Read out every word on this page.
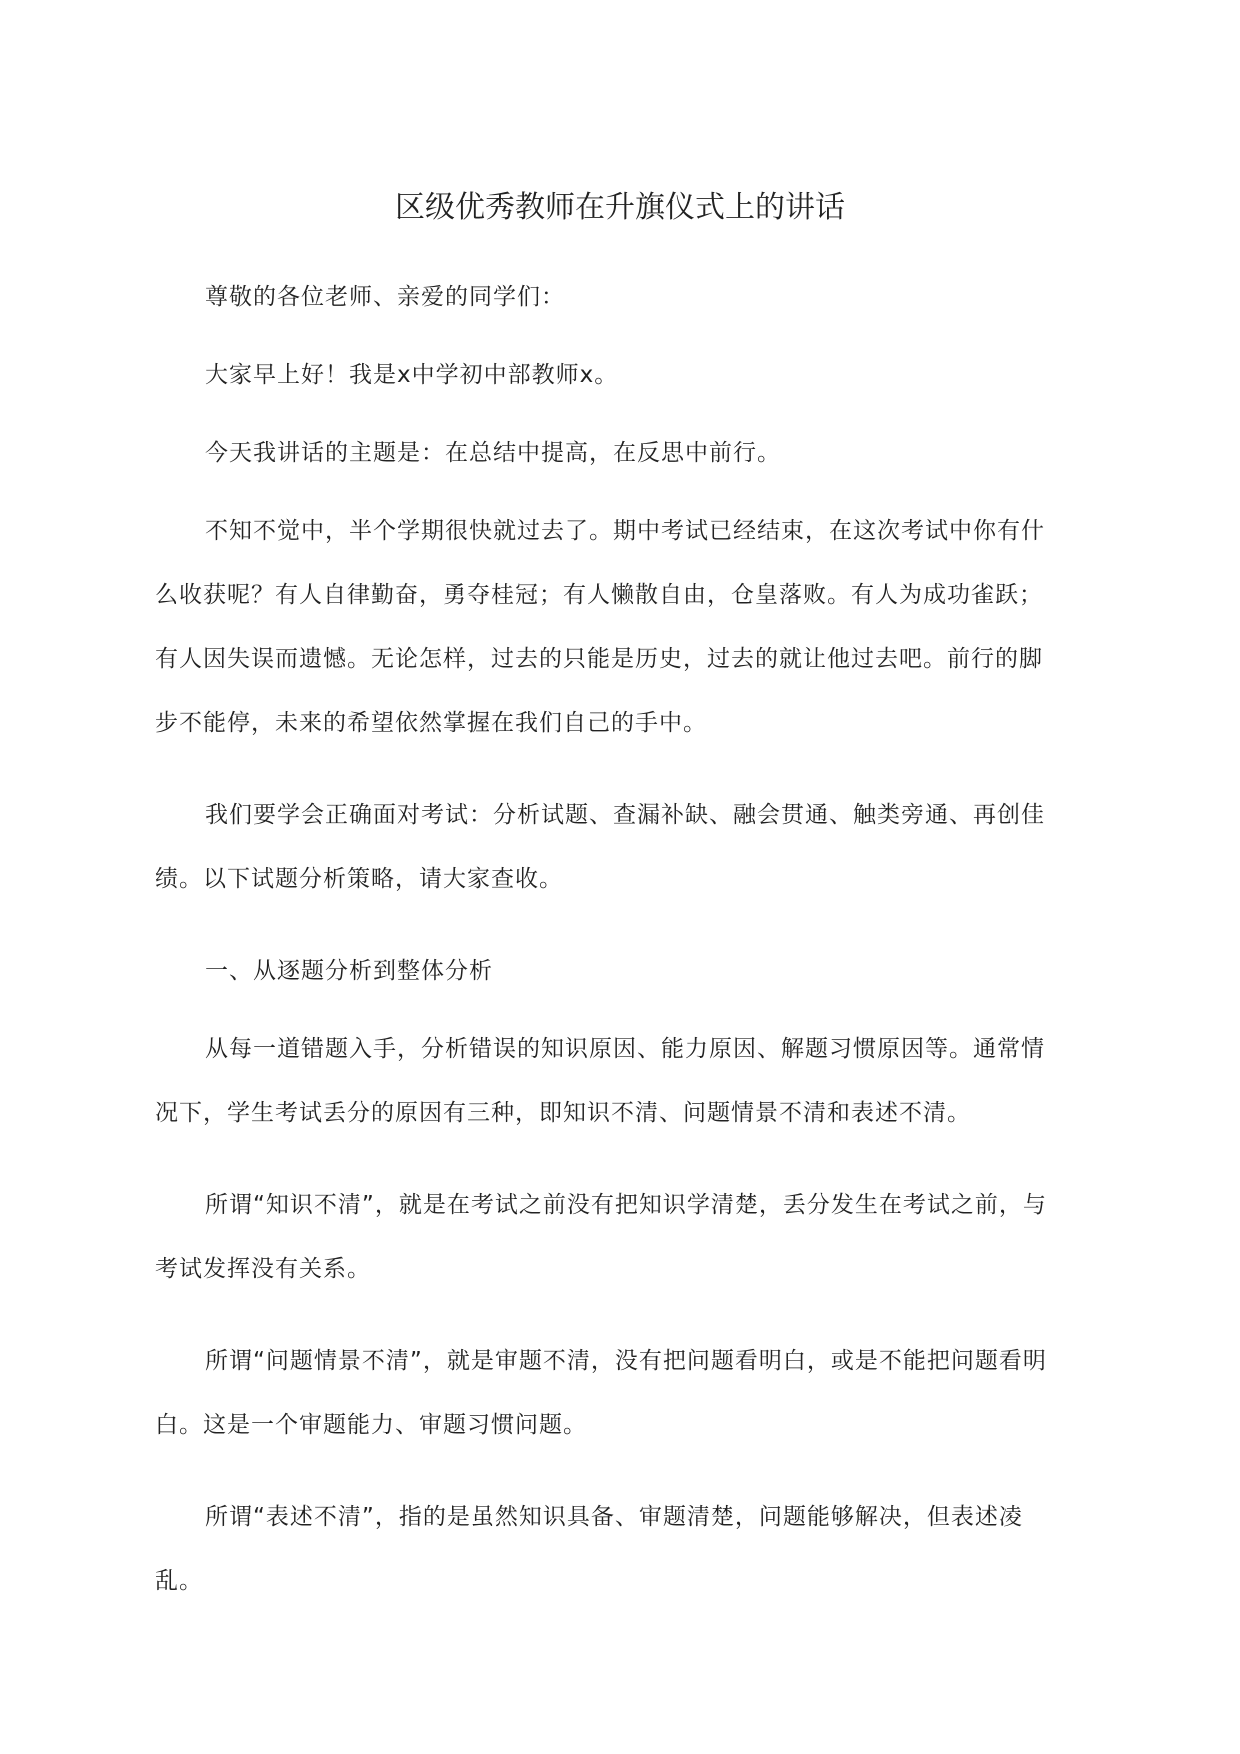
区级优秀教师在升旗仪式上的讲话

尊敬的各位老师、亲爱的同学们：

大家早上好！我是x中学初中部教师x。

今天我讲话的主题是：在总结中提高，在反思中前行。

不知不觉中，半个学期很快就过去了。期中考试已经结束，在这次考试中你有什么收获呢？有人自律勤奋，勇夺桂冠；有人懒散自由，仓皇落败。有人为成功雀跃；有人因失误而遗憾。无论怎样，过去的只能是历史，过去的就让他过去吧。前行的脚步不能停，未来的希望依然掌握在我们自己的手中。

我们要学会正确面对考试：分析试题、查漏补缺、融会贯通、触类旁通、再创佳绩。以下试题分析策略，请大家查收。

一、从逐题分析到整体分析

从每一道错题入手，分析错误的知识原因、能力原因、解题习惯原因等。通常情况下，学生考试丢分的原因有三种，即知识不清、问题情景不清和表述不清。

所谓“知识不清”，就是在考试之前没有把知识学清楚，丢分发生在考试之前，与考试发挥没有关系。

所谓“问题情景不清”，就是审题不清，没有把问题看明白，或是不能把问题看明白。这是一个审题能力、审题习惯问题。

所谓“表述不清”，指的是虽然知识具备、审题清楚，问题能够解决，但表述凌乱。
